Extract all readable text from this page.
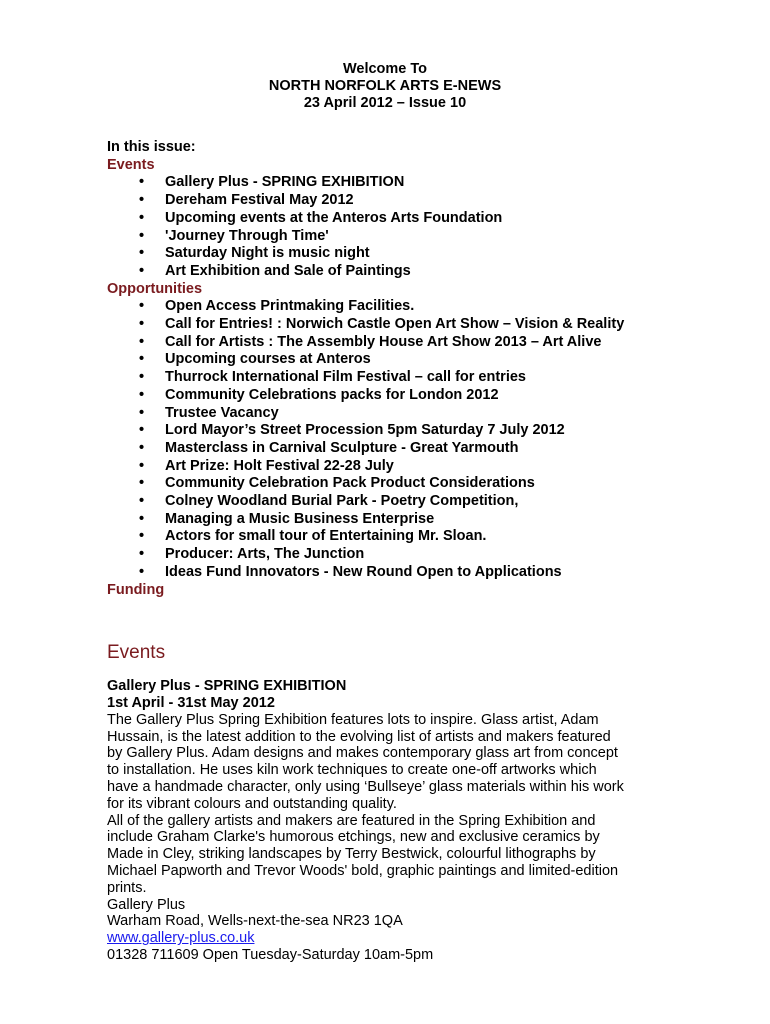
Welcome To
NORTH NORFOLK ARTS E-NEWS
23 April 2012 – Issue 10
In this issue:
Events
• Gallery Plus - SPRING EXHIBITION
• Dereham Festival May 2012
• Upcoming events at the Anteros Arts Foundation
• 'Journey Through Time'
• Saturday Night is music night
• Art Exhibition and Sale of Paintings
Opportunities
• Open Access Printmaking Facilities.
• Call for Entries! : Norwich Castle Open Art Show – Vision & Reality
• Call for Artists : The Assembly House Art Show 2013 – Art Alive
• Upcoming courses at Anteros
• Thurrock International Film Festival – call for entries
• Community Celebrations packs for London 2012
• Trustee Vacancy
• Lord Mayor’s Street Procession 5pm Saturday 7 July 2012
• Masterclass in Carnival Sculpture - Great Yarmouth
• Art Prize: Holt Festival 22-28 July
• Community Celebration Pack Product Considerations
• Colney Woodland Burial Park - Poetry Competition,
• Managing a Music Business Enterprise
• Actors for small tour of Entertaining Mr. Sloan.
• Producer: Arts, The Junction
• Ideas Fund Innovators - New Round Open to Applications
Funding
Events
Gallery Plus - SPRING EXHIBITION
1st April - 31st May 2012
The Gallery Plus Spring Exhibition features lots to inspire. Glass artist, Adam
Hussain, is the latest addition to the evolving list of artists and makers featured
by Gallery Plus. Adam designs and makes contemporary glass art from concept
to installation. He uses kiln work techniques to create one-off artworks which
have a handmade character, only using ‘Bullseye’ glass materials within his work
for its vibrant colours and outstanding quality.
All of the gallery artists and makers are featured in the Spring Exhibition and
include Graham Clarke's humorous etchings, new and exclusive ceramics by
Made in Cley, striking landscapes by Terry Bestwick, colourful lithographs by
Michael Papworth and Trevor Woods' bold, graphic paintings and limited-edition
prints.
Gallery Plus
Warham Road, Wells-next-the-sea NR23 1QA
www.gallery-plus.co.uk
01328 711609 Open Tuesday-Saturday 10am-5pm
